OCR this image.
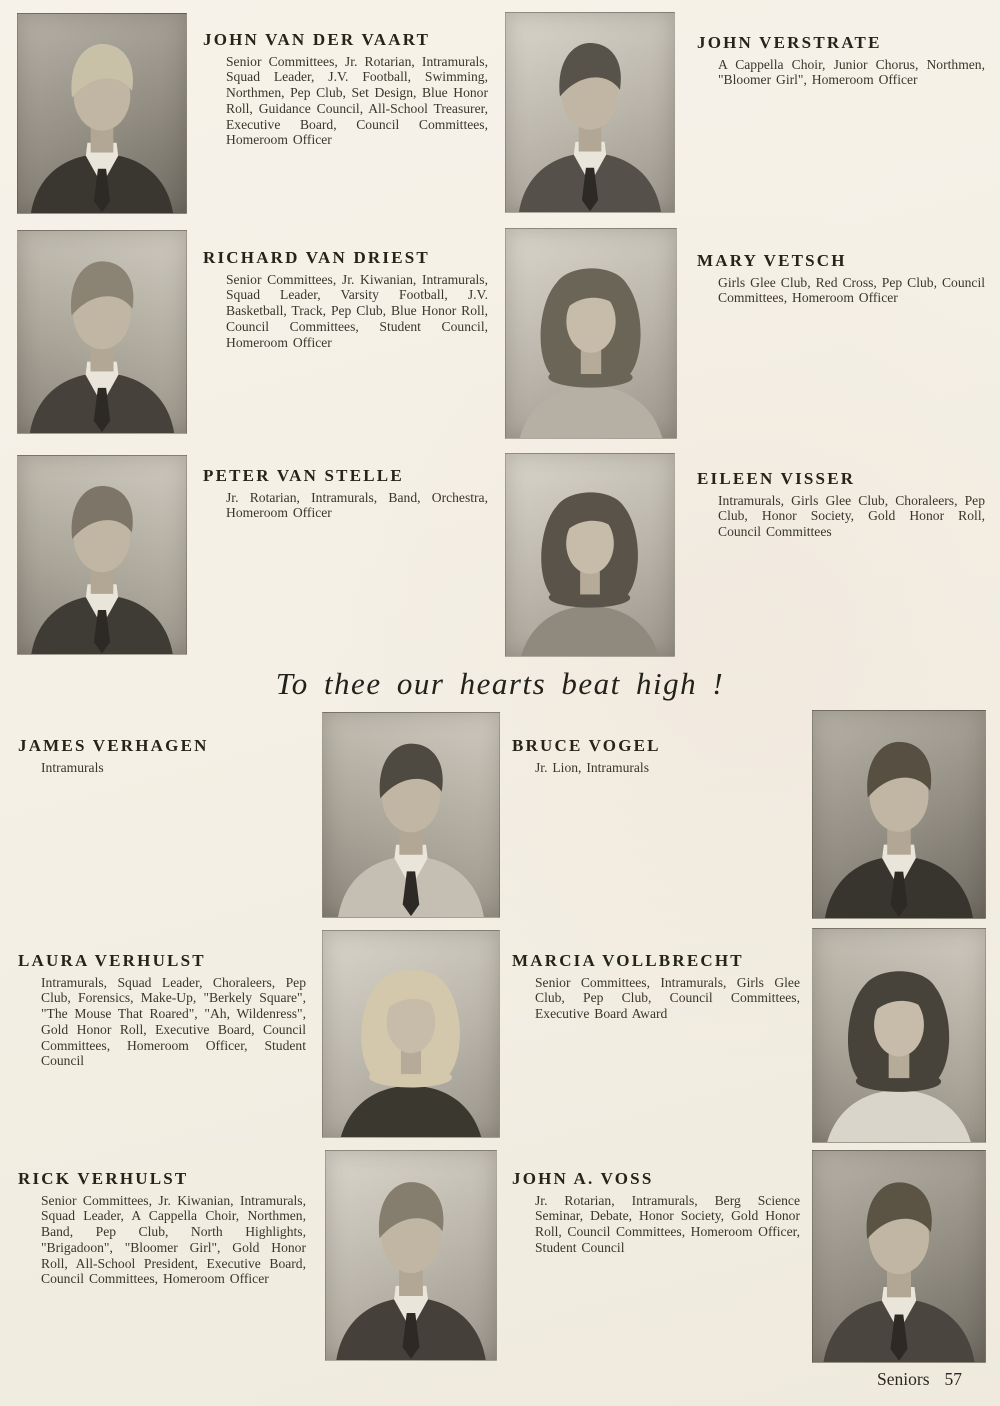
JOHN VAN DER VAART

Senior Committees, Jr. Rotarian, Intramurals, Squad Leader, J.V. Football, Swimming, Northmen, Pep Club, Set Design, Blue Honor Roll, Guidance Council, All-School Treasurer, Executive Board, Council Committees, Homeroom Officer

JOHN VERSTRATE

A Cappella Choir, Junior Chorus, Northmen, "Bloomer Girl", Homeroom Officer

RICHARD VAN DRIEST

Senior Committees, Jr. Kiwanian, Intramurals, Squad Leader, Varsity Football, J.V. Basketball, Track, Pep Club, Blue Honor Roll, Council Committees, Student Council, Homeroom Officer

MARY VETSCH

Girls Glee Club, Red Cross, Pep Club, Council Committees, Homeroom Officer

PETER VAN STELLE

Jr. Rotarian, Intramurals, Band, Orchestra, Homeroom Officer

EILEEN VISSER

Intramurals, Girls Glee Club, Choraleers, Pep Club, Honor Society, Gold Honor Roll, Council Committees

To thee our hearts beat high !
JAMES VERHAGEN

Intramurals

BRUCE VOGEL

Jr. Lion, Intramurals

LAURA VERHULST

Intramurals, Squad Leader, Choraleers, Pep Club, Forensics, Make-Up, "Berkely Square", "The Mouse That Roared", "Ah, Wildenress", Gold Honor Roll, Executive Board, Council Committees, Homeroom Officer, Student Council

MARCIA VOLLBRECHT

Senior Committees, Intramurals, Girls Glee Club, Pep Club, Council Committees, Executive Board Award

RICK VERHULST

Senior Committees, Jr. Kiwanian, Intramurals, Squad Leader, A Cappella Choir, Northmen, Band, Pep Club, North Highlights, "Brigadoon", "Bloomer Girl", Gold Honor Roll, All-School President, Executive Board, Council Committees, Homeroom Officer

JOHN A. VOSS

Jr. Rotarian, Intramurals, Berg Science Seminar, Debate, Honor Society, Gold Honor Roll, Council Committees, Homeroom Officer, Student Council

Seniors 57
